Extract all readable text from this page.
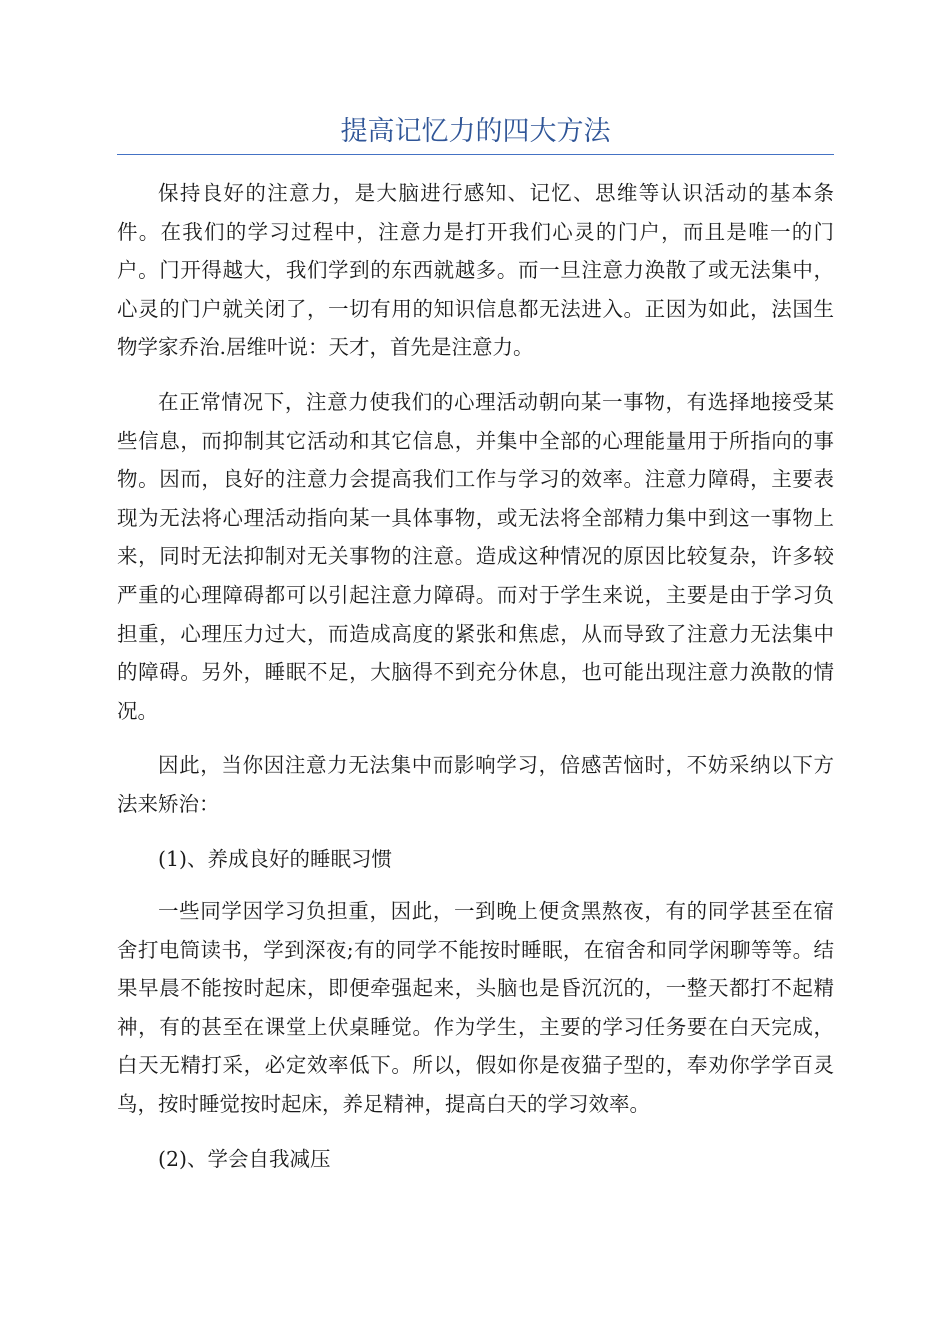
提高记忆力的四大方法

保持良好的注意力，是大脑进行感知、记忆、思维等认识活动的基本条件。在我们的学习过程中，注意力是打开我们心灵的门户，而且是唯一的门户。门开得越大，我们学到的东西就越多。而一旦注意力涣散了或无法集中，心灵的门户就关闭了，一切有用的知识信息都无法进入。正因为如此，法国生物学家乔治.居维叶说：天才，首先是注意力。

在正常情况下，注意力使我们的心理活动朝向某一事物，有选择地接受某些信息，而抑制其它活动和其它信息，并集中全部的心理能量用于所指向的事物。因而，良好的注意力会提高我们工作与学习的效率。注意力障碍，主要表现为无法将心理活动指向某一具体事物，或无法将全部精力集中到这一事物上来，同时无法抑制对无关事物的注意。造成这种情况的原因比较复杂，许多较严重的心理障碍都可以引起注意力障碍。而对于学生来说，主要是由于学习负担重，心理压力过大，而造成高度的紧张和焦虑，从而导致了注意力无法集中的障碍。另外，睡眠不足，大脑得不到充分休息，也可能出现注意力涣散的情况。

因此，当你因注意力无法集中而影响学习，倍感苦恼时，不妨采纳以下方法来矫治：

(1)、养成良好的睡眠习惯

一些同学因学习负担重，因此，一到晚上便贪黑熬夜，有的同学甚至在宿舍打电筒读书，学到深夜;有的同学不能按时睡眠，在宿舍和同学闲聊等等。结果早晨不能按时起床，即便牵强起来，头脑也是昏沉沉的，一整天都打不起精神，有的甚至在课堂上伏桌睡觉。作为学生，主要的学习任务要在白天完成，白天无精打采，必定效率低下。所以，假如你是夜猫子型的，奉劝你学学百灵鸟，按时睡觉按时起床，养足精神，提高白天的学习效率。

(2)、学会自我减压
